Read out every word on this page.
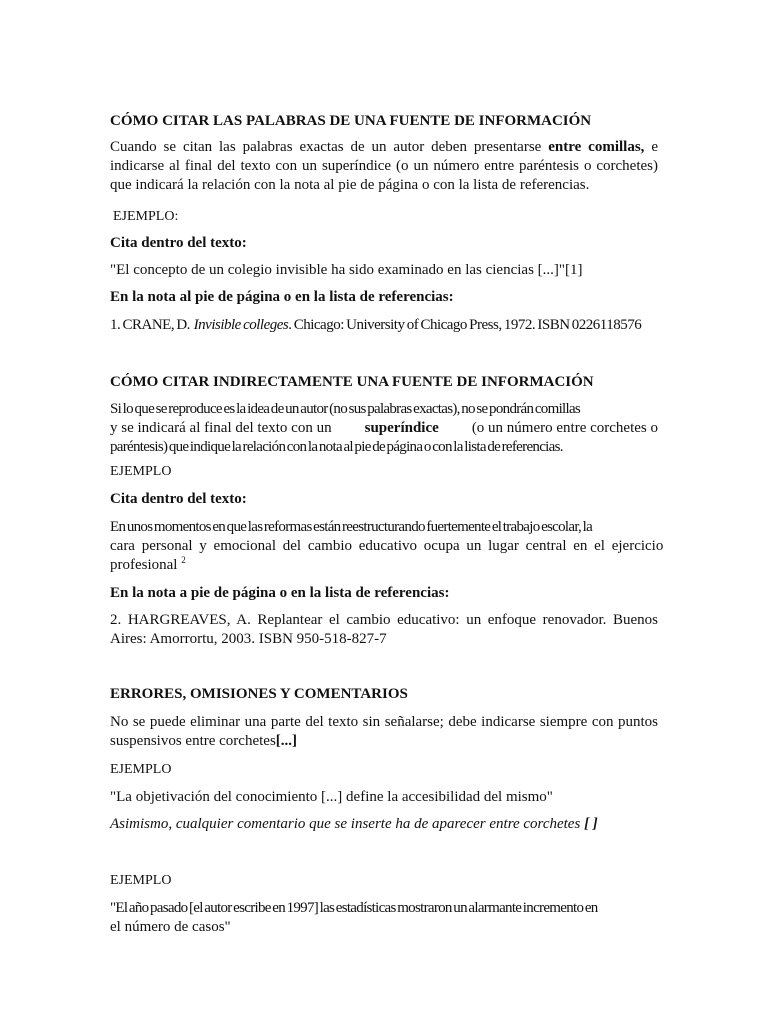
CÓMO CITAR LAS PALABRAS DE UNA FUENTE DE INFORMACIÓN
Cuando se citan las palabras exactas de un autor deben presentarse entre comillas, e indicarse al final del texto con un superíndice (o un número entre paréntesis o corchetes) que indicará la relación con la nota al pie de página o con la lista de referencias.
EJEMPLO:
Cita dentro del texto:
"El concepto de un colegio invisible ha sido examinado en las ciencias [...]"[1]
En la nota al pie de página o en la lista de referencias:
1. CRANE, D. Invisible colleges. Chicago: University of Chicago Press, 1972. ISBN 0226118576
CÓMO CITAR INDIRECTAMENTE UNA FUENTE DE INFORMACIÓN
Si lo que se reproduce es la idea de un autor (no sus palabras exactas), no se pondrán comillas
y se indicará al final del texto con un superíndice (o un número entre corchetes o
paréntesis) que indique la relación con la nota al pie de página o con la lista de referencias.
EJEMPLO
Cita dentro del texto:
En unos momentos en que las reformas están reestructurando fuertemente el trabajo escolar, la
cara personal y emocional del cambio educativo ocupa un lugar central en el ejercicio
profesional $^2$
En la nota a pie de página o en la lista de referencias:
2. HARGREAVES, A. Replantear el cambio educativo: un enfoque renovador. Buenos Aires: Amorrortu, 2003. ISBN 950-518-827-7
ERRORES, OMISIONES Y COMENTARIOS
No se puede eliminar una parte del texto sin señalarse; debe indicarse siempre con puntos suspensivos entre corchetes[...]
EJEMPLO
"La objetivación del conocimiento [...] define la accesibilidad del mismo"
Asimismo, cualquier comentario que se inserte ha de aparecer entre corchetes [ ]
EJEMPLO
"El año pasado [el autor escribe en 1997] las estadísticas mostraron un alarmante incremento en
el número de casos"
